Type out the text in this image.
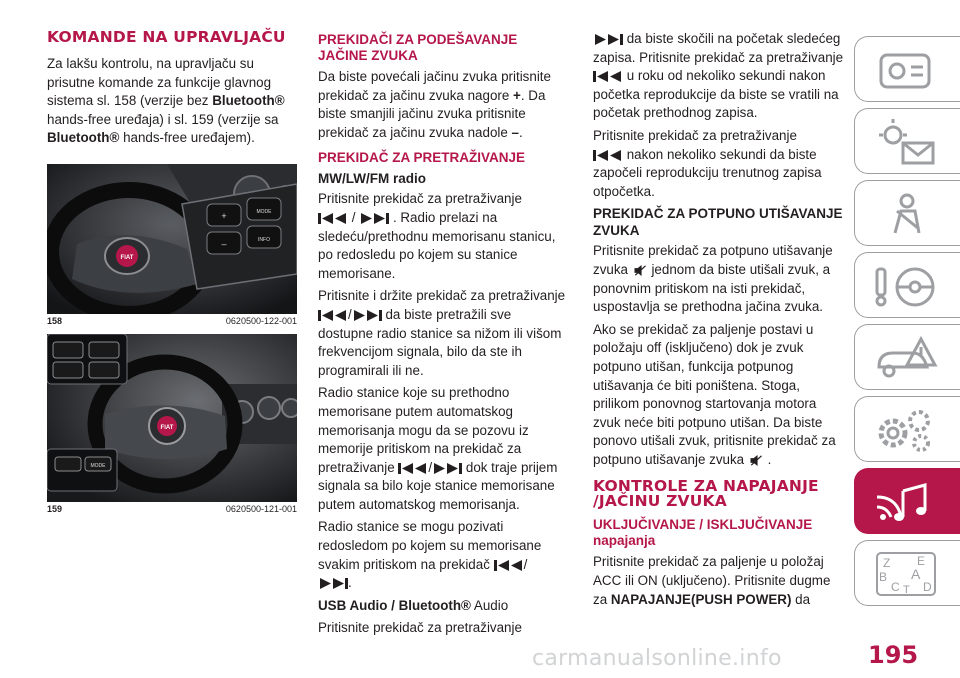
KOMANDE NA UPRAVLJAČU

Za lakšu kontrolu, na upravljaču su prisutne komande za funkcije glavnog sistema sl. 158 (verzije bez Bluetooth® hands-free uređaja) i sl. 159 (verzije sa Bluetooth® hands-free uređajem).

FIAT
+
–
MODE
INFO
158	0620500-122-001
FIAT
MODE
159	0620500-121-001
PREKIDAČI ZA PODEŠAVANJE JAČINE ZVUKA

Da biste povećali jačinu zvuka pritisnite prekidač za jačinu zvuka nagore +. Da biste smanjili jačinu zvuka pritisnite prekidač za jačinu zvuka nadole –.

PREKIDAČ ZA PRETRAŽIVANJE
MW/LW/FM radio

Pritisnite prekidač za pretraživanje
/	. Radio prelazi na sledeću/prethodnu memorisanu stanicu, po redosledu po kojem su stanice memorisane.

Pritisnite i držite prekidač za pretraživanje /	da biste pretražili sve dostupne radio stanice sa nižom ili višom frekvencijom signala, bilo da ste ih programirali ili ne.

Radio stanice koje su prethodno memorisane putem automatskog memorisanja mogu da se pozovu iz memorije pritiskom na prekidač za pretraživanje	/	dok traje prijem signala sa bilo koje stanice memorisane putem automatskog memorisanja.

Radio stanice se mogu pozivati redosledom po kojem su memorisane svakim pritiskom na prekidač	/
.

USB Audio / Bluetooth® Audio

Pritisnite prekidač za pretraživanje

da biste skočili na početak sledećeg zapisa. Pritisnite prekidač za pretraživanje  u roku od nekoliko sekundi nakon početka reprodukcije da biste se vratili na početak prethodnog zapisa.

Pritisnite prekidač za pretraživanje
nakon nekoliko sekundi da biste započeli reprodukciju trenutnog zapisa otpočetka.

PREKIDAČ ZA POTPUNO UTIŠAVANJE ZVUKA

Pritisnite prekidač za potpuno utišavanje zvuka jednom da biste utišali zvuk, a ponovnim pritiskom na isti prekidač, uspostavlja se prethodna jačina zvuka.

Ako se prekidač za paljenje postavi u položaju off (isključeno) dok je zvuk potpuno utišan, funkcija potpunog utišavanja će biti poništena. Stoga, prilikom ponovnog startovanja motora zvuk neće biti potpuno utišan. Da biste ponovo utišali zvuk, pritisnite prekidač za potpuno utišavanje zvuka .

KONTROLE ZA NAPAJANJE /JAČINU ZVUKA
UKLJUČIVANJE / ISKLJUČIVANJE napajanja

Pritisnite prekidač za paljenje u položaj ACC ili ON (uključeno). Pritisnite dugme za NAPAJANJE(PUSH POWER) da

Z E
B A
C T D
195
carmanualsonline.info
